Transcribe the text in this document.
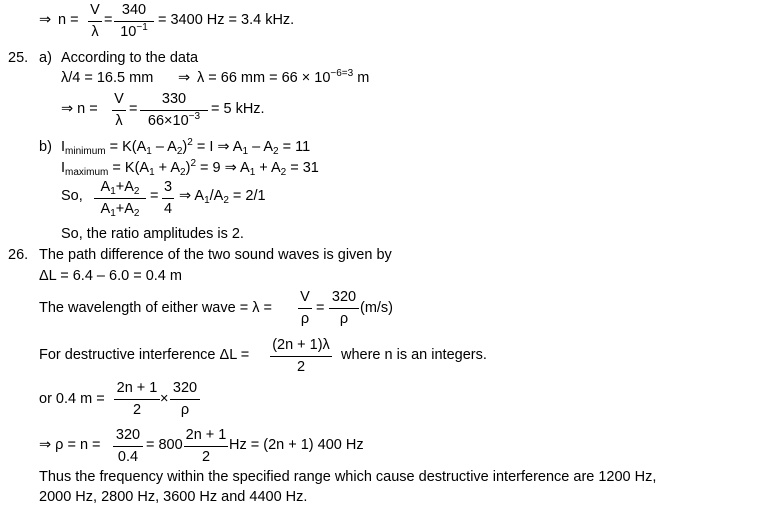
⇒ n =
V
λ
=
340
$10^{-1} = 3400$ Hz = 3.4 kHz.
25. a) According to the data
λ/4 = 16.5 mm ⇒ λ = 66 mm = $66 \times 10^{-6=3}$ m
⇒ n =
V
λ
=
330
$66\times 10^{-3} = 5$ kHz.
b) $I_{minimum} = K(A_1 - A_2)^2 = I$ ⇒ $A_1 - A_2 = 11$
$I_{maximum} = K(A_1 + A_2)^2 = 9$ ⇒ $A_1 + A_2 = 31$
So,
$A_1+A_2$
$A_1+A_2$
=
3
4
⇒ $A_1/A_2 = 2/1$
So, the ratio amplitudes is 2.
26. The path difference of the two sound waves is given by
ΔL = 6.4 – 6.0 = 0.4 m
The wavelength of either wave = λ =
V
ρ
=
320
ρ
(m/s)
For destructive interference ΔL =
(2n + 1)λ
2
where n is an integers.
or 0.4 m =
2n + 1
2
×
320
ρ
⇒ ρ = n =
320
0.4
= 800
2n + 1
2
Hz = (2n + 1) 400 Hz
Thus the frequency within the specified range which cause destructive interference are 1200 Hz,
2000 Hz, 2800 Hz, 3600 Hz and 4400 Hz.
